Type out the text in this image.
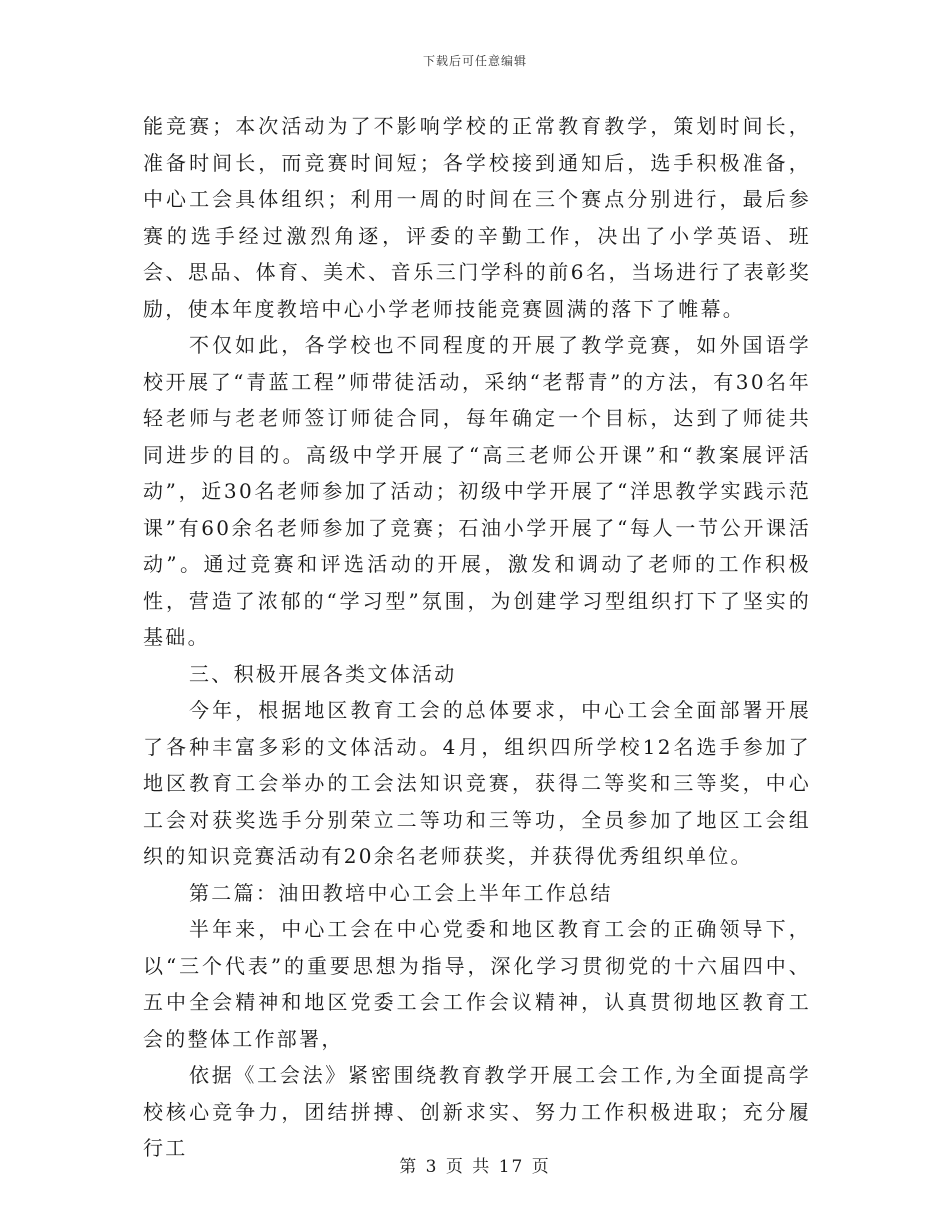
下载后可任意编辑

能竞赛；本次活动为了不影响学校的正常教育教学，策划时间长，准备时间长，而竞赛时间短；各学校接到通知后，选手积极准备，中心工会具体组织；利用一周的时间在三个赛点分别进行，最后参赛的选手经过激烈角逐，评委的辛勤工作，决出了小学英语、班会、思品、体育、美术、音乐三门学科的前6名，当场进行了表彰奖励，使本年度教培中心小学老师技能竞赛圆满的落下了帷幕。

不仅如此，各学校也不同程度的开展了教学竞赛，如外国语学校开展了“青蓝工程”师带徒活动，采纳“老帮青”的方法，有30名年轻老师与老老师签订师徒合同，每年确定一个目标，达到了师徒共同进步的目的。高级中学开展了“高三老师公开课”和“教案展评活动”，近30名老师参加了活动；初级中学开展了“洋思教学实践示范课”有60余名老师参加了竞赛；石油小学开展了“每人一节公开课活动”。通过竞赛和评选活动的开展，激发和调动了老师的工作积极性，营造了浓郁的“学习型”氛围，为创建学习型组织打下了坚实的基础。

三、积极开展各类文体活动

今年，根据地区教育工会的总体要求，中心工会全面部署开展了各种丰富多彩的文体活动。4月，组织四所学校12名选手参加了地区教育工会举办的工会法知识竞赛，获得二等奖和三等奖，中心工会对获奖选手分别荣立二等功和三等功，全员参加了地区工会组织的知识竞赛活动有20余名老师获奖，并获得优秀组织单位。

第二篇：油田教培中心工会上半年工作总结

半年来，中心工会在中心党委和地区教育工会的正确领导下，以“三个代表”的重要思想为指导，深化学习贯彻党的十六届四中、五中全会精神和地区党委工会工作会议精神，认真贯彻地区教育工会的整体工作部署，

依据《工会法》紧密围绕教育教学开展工会工作,为全面提高学校核心竞争力，团结拼搏、创新求实、努力工作积极进取；充分履行工

第 3 页 共 17 页
